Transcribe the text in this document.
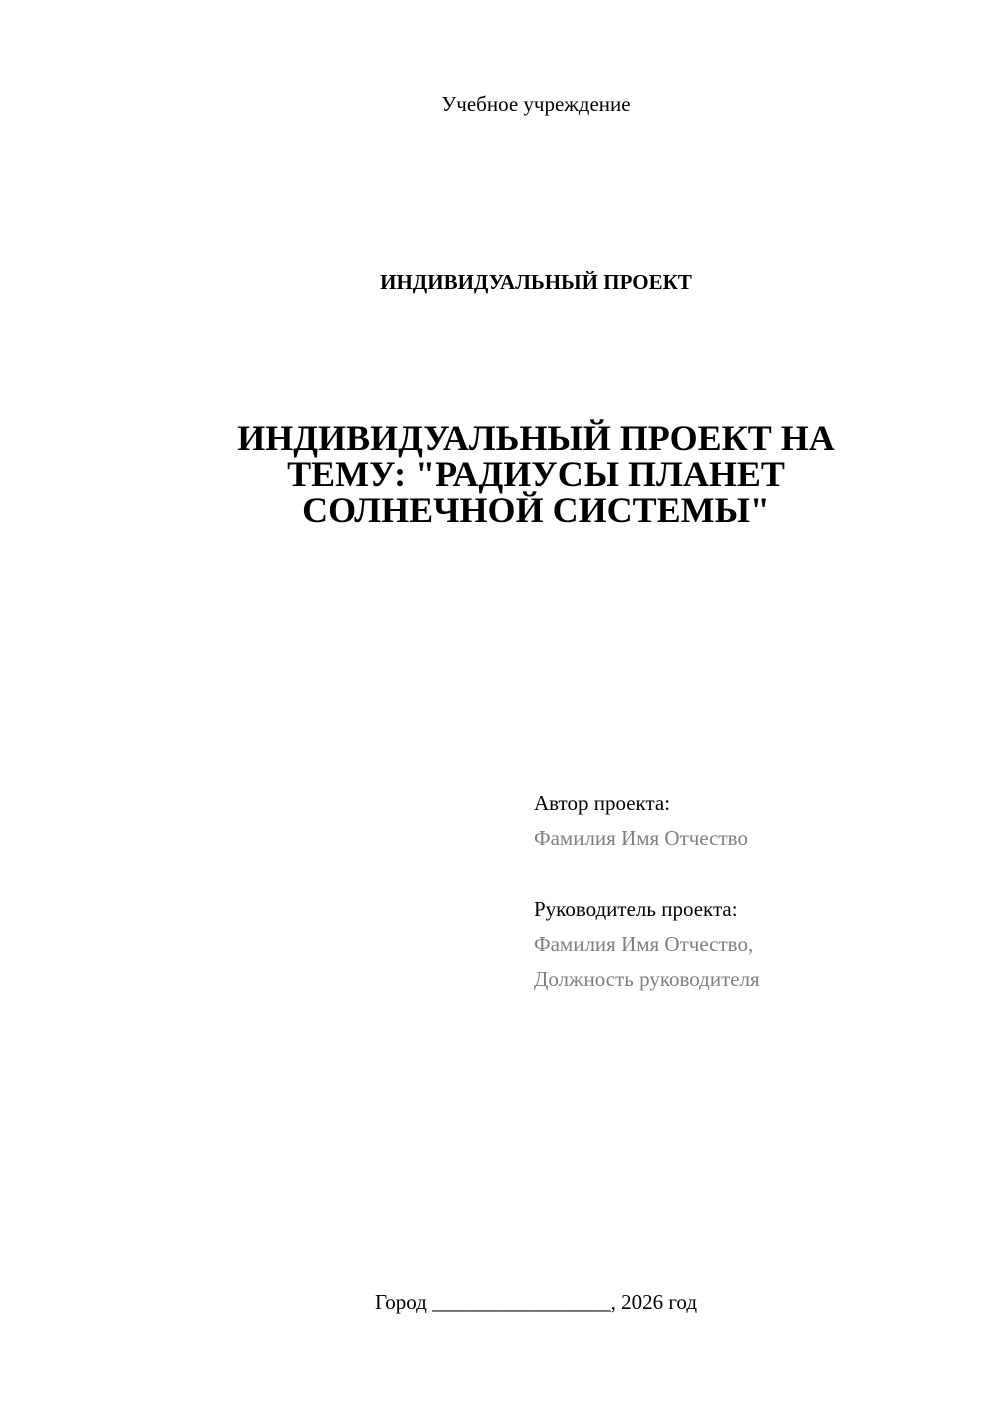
Учебное учреждение
ИНДИВИДУАЛЬНЫЙ ПРОЕКТ
ИНДИВИДУАЛЬНЫЙ ПРОЕКТ НА
ТЕМУ: "РАДИУСЫ ПЛАНЕТ
СОЛНЕЧНОЙ СИСТЕМЫ"
Автор проекта:
Фамилия Имя Отчество
Руководитель проекта:
Фамилия Имя Отчество,
Должность руководителя
Город _________________, 2026 год
